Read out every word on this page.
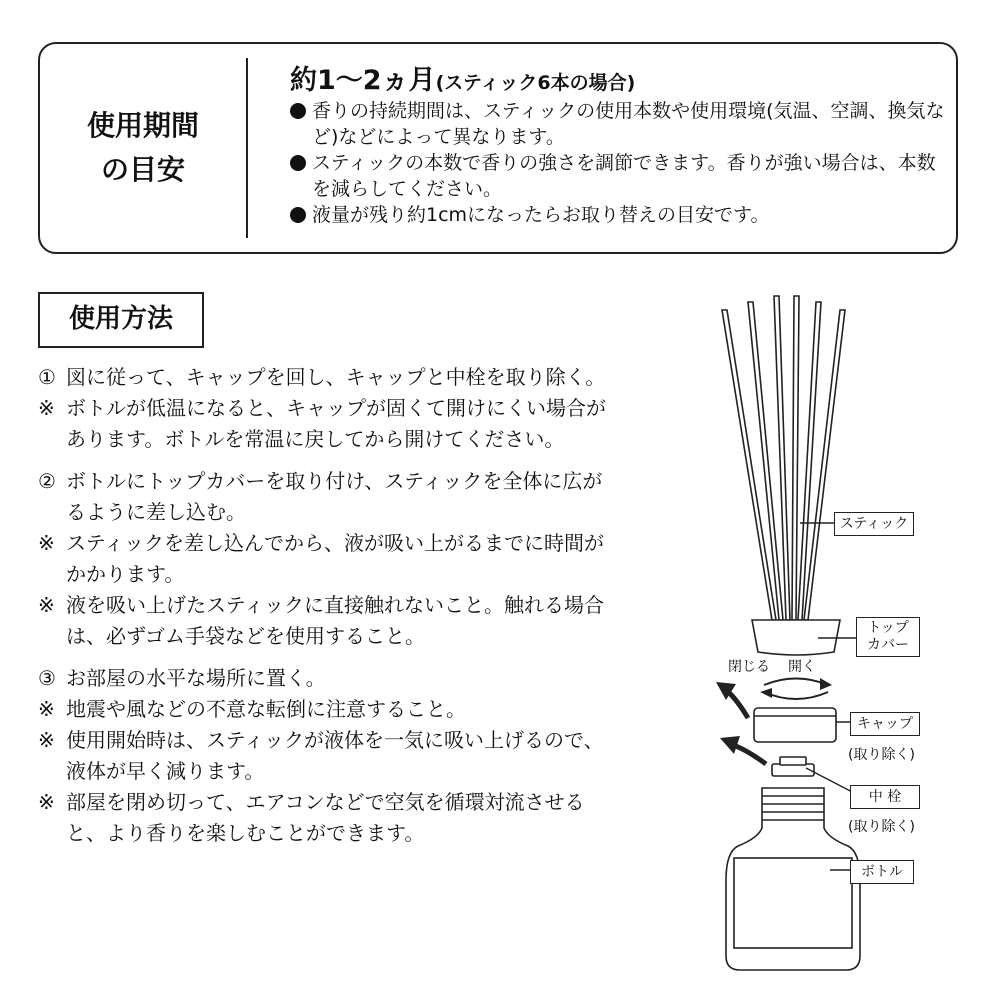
使用期間
の目安
約1〜2ヵ月(スティック6本の場合)
香りの持続期間は、スティックの使用本数や使用環境(気温、空調、換気など)などによって異なります。
スティックの本数で香りの強さを調節できます。香りが強い場合は、本数を減らしてください。
液量が残り約1cmになったらお取り替えの目安です。
使用方法
① 図に従って、キャップを回し、キャップと中栓を取り除く。
※ ボトルが低温になると、キャップが固くて開けにくい場合があります。ボトルを常温に戻してから開けてください。
② ボトルにトップカバーを取り付け、スティックを全体に広がるように差し込む。
※ スティックを差し込んでから、液が吸い上がるまでに時間がかかります。
※ 液を吸い上げたスティックに直接触れないこと。触れる場合は、必ずゴム手袋などを使用すること。
③ お部屋の水平な場所に置く。
※ 地震や風などの不意な転倒に注意すること。
※ 使用開始時は、スティックが液体を一気に吸い上げるので、液体が早く減ります。
※ 部屋を閉め切って、エアコンなどで空気を循環対流させると、より香りを楽しむことができます。
スティック
トップ
カバー
閉じる 開く
キャップ
(取り除く)
中 栓
(取り除く)
ボトル
